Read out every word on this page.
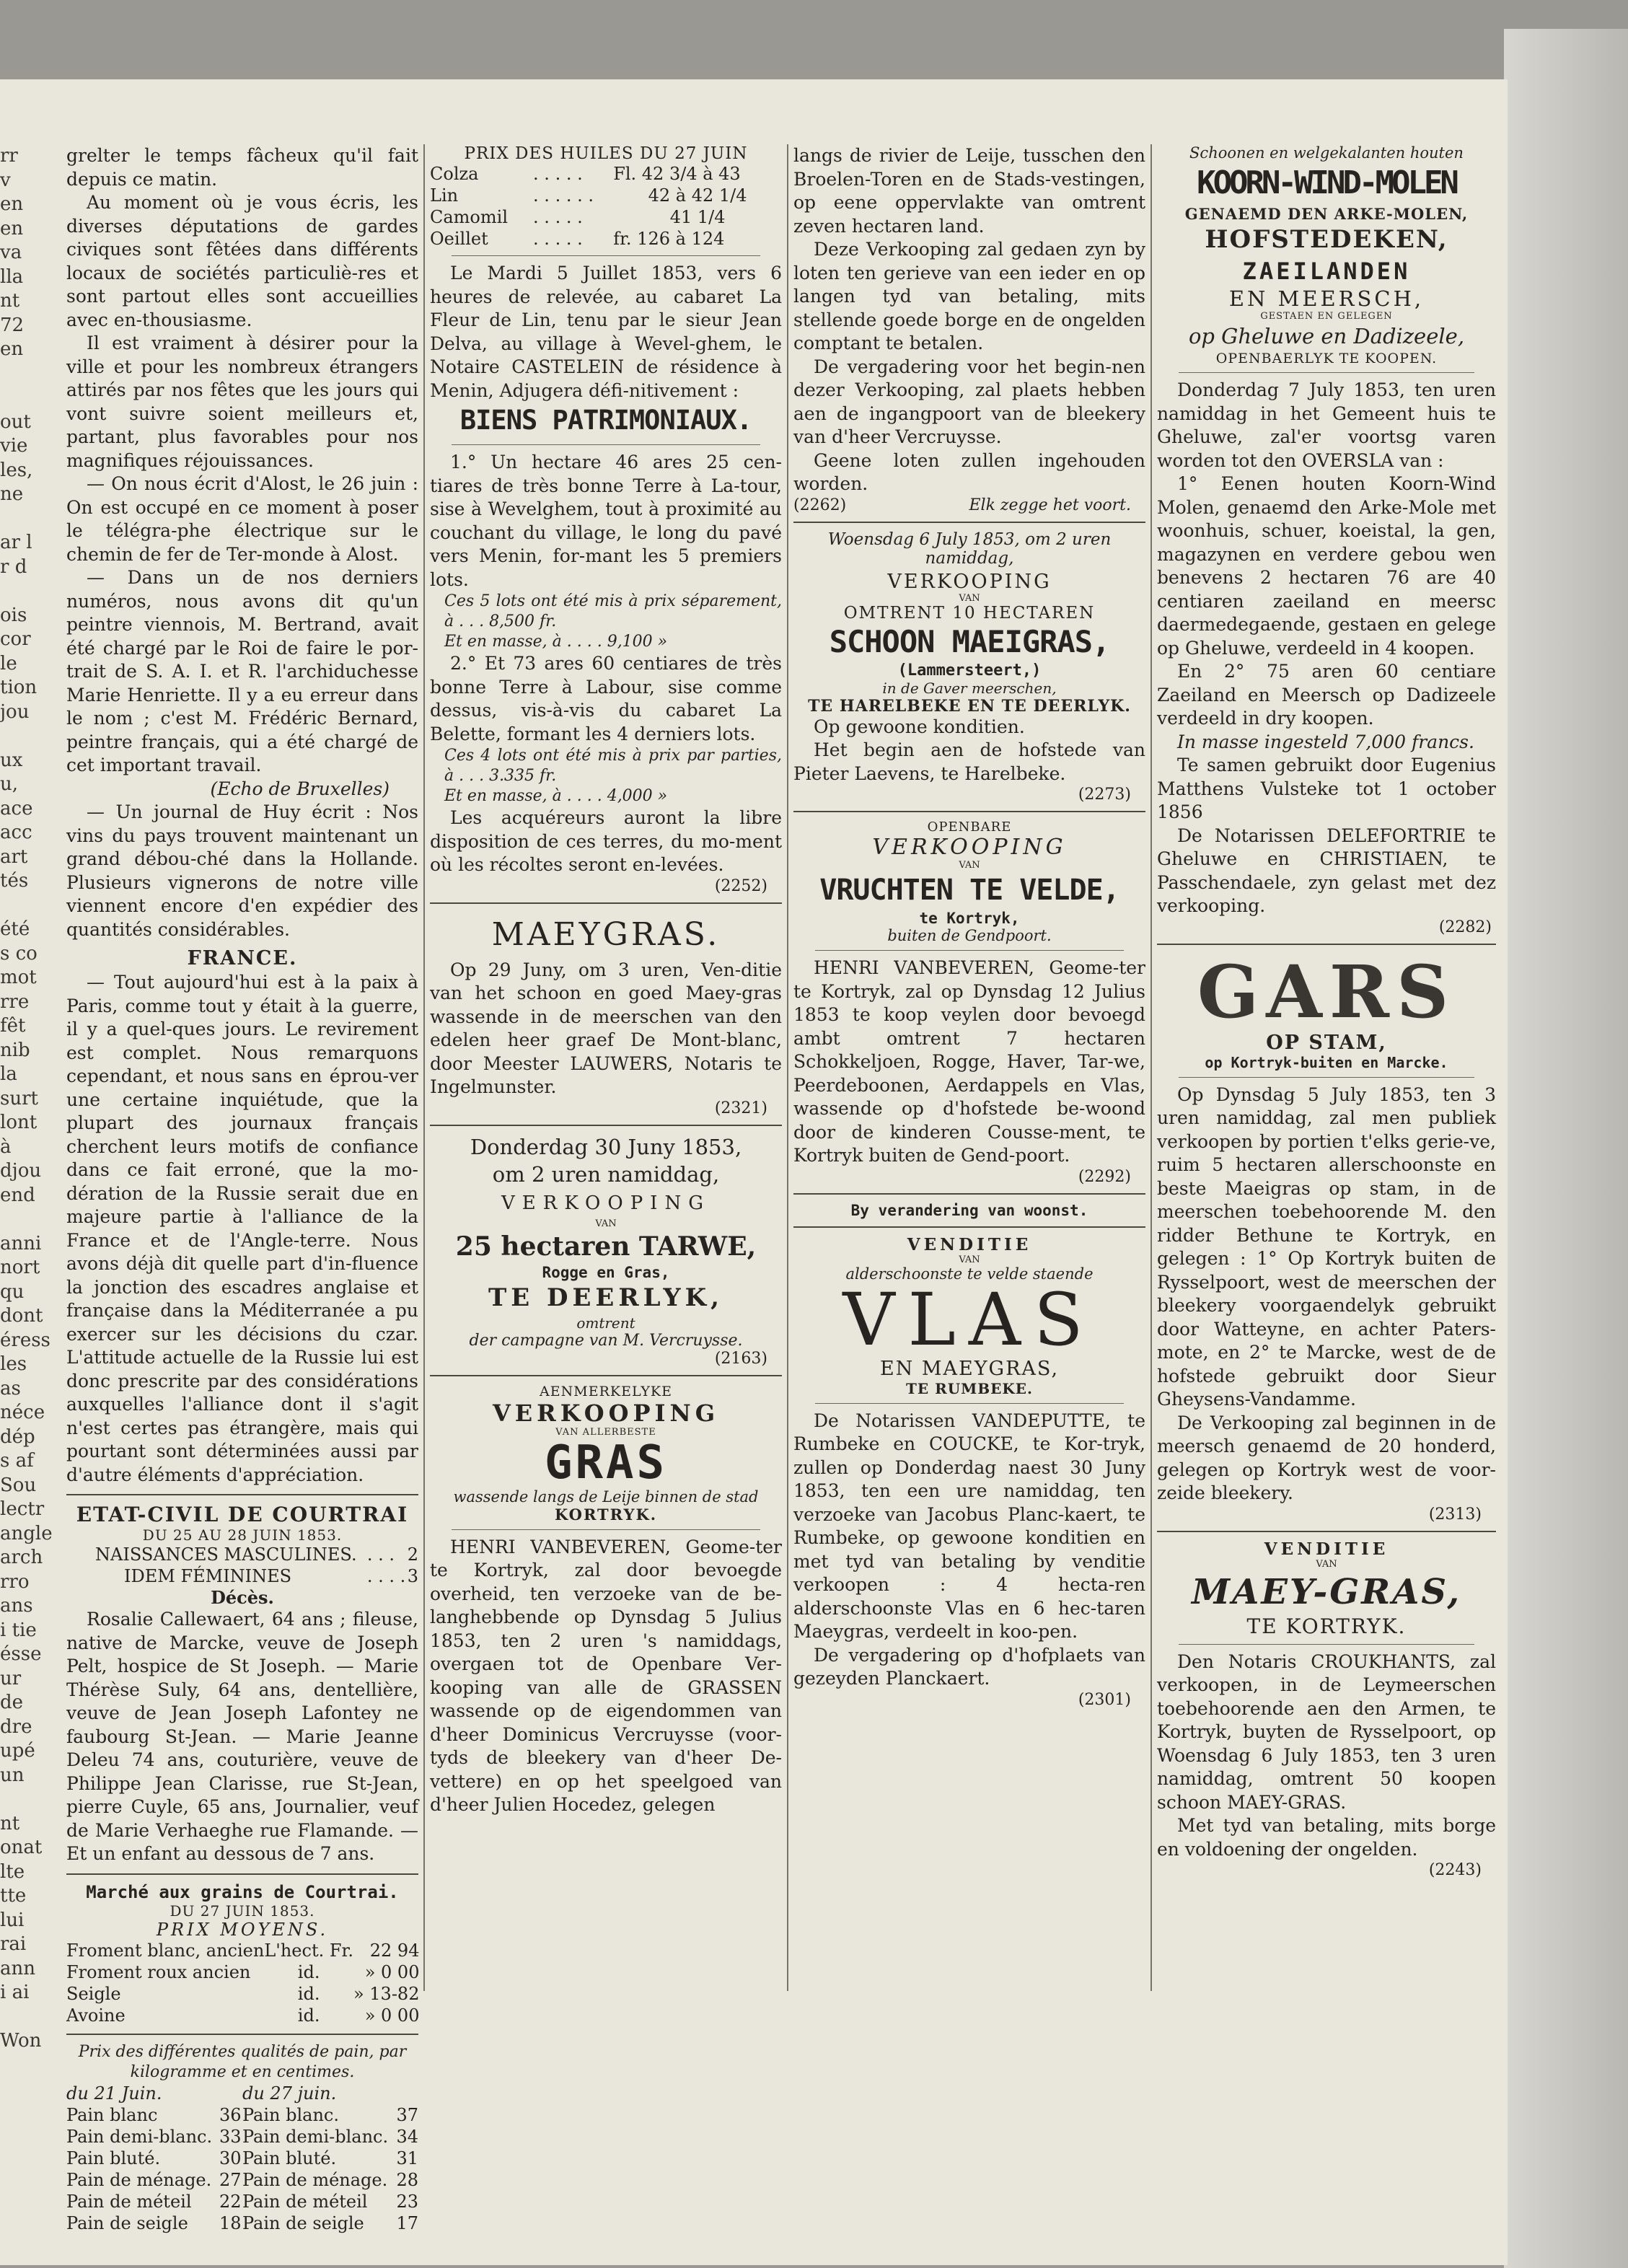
rr
v
en
en
va
lla
nt
72
en

out
vie
les,
ne

ar l
r d

ois
cor
le
tion
jou

ux
u,
ace
acc
art
tés

été
s co
mot
rre
fêt
nib
la
surt
lont
à
djou
end

anni
nort
qu
dont
éress
les
as
néce
dép
s af
Sou
lectr
angle
arch
rro
ans
i tie
ésse
ur
de
dre
upé
un

nt
onat
lte
tte
lui
rai
ann
i ai

Won

grelter le temps fâcheux qu'il fait depuis ce matin.

Au moment où je vous écris, les diverses députations de gardes civiques sont fêtées dans différents locaux de sociétés particuliè-res et sont partout elles sont accueillies avec en-thousiasme.

Il est vraiment à désirer pour la ville et pour les nombreux étrangers attirés par nos fêtes que les jours qui vont suivre soient meilleurs et, partant, plus favorables pour nos magnifiques réjouissances.

— On nous écrit d'Alost, le 26 juin : On est occupé en ce moment à poser le télégra-phe électrique sur le chemin de fer de Ter-monde à Alost.

— Dans un de nos derniers numéros, nous avons dit qu'un peintre viennois, M. Bertrand, avait été chargé par le Roi de faire le por-trait de S. A. I. et R. l'archiduchesse Marie Henriette. Il y a eu erreur dans le nom ; c'est M. Frédéric Bernard, peintre français, qui a été chargé de cet important travail.

(Echo de Bruxelles)

— Un journal de Huy écrit : Nos vins du pays trouvent maintenant un grand débou-ché dans la Hollande. Plusieurs vignerons de notre ville viennent encore d'en expédier des quantités considérables.

FRANCE.

— Tout aujourd'hui est à la paix à Paris, comme tout y était à la guerre, il y a quel-ques jours. Le revirement est complet. Nous remarquons cependant, et nous sans en éprou-ver une certaine inquiétude, que la plupart des journaux français cherchent leurs motifs de confiance dans ce fait erroné, que la mo-dération de la Russie serait due en majeure partie à l'alliance de la France et de l'Angle-terre. Nous avons déjà dit quelle part d'in-fluence la jonction des escadres anglaise et française dans la Méditerranée a pu exercer sur les décisions du czar. L'attitude actuelle de la Russie lui est donc prescrite par des considérations auxquelles l'alliance dont il s'agit n'est certes pas étrangère, mais qui pourtant sont déterminées aussi par d'autre éléments d'appréciation.

ETAT-CIVIL DE COURTRAI
DU 25 AU 28 JUIN 1853.
NAISSANCES MASCULINES.	. . .	2
IDEM FÉMININES	. . . .	3
Décès.

Rosalie Callewaert, 64 ans ; fileuse, native de Marcke, veuve de Joseph Pelt, hospice de St Joseph. — Marie Thérèse Suly, 64 ans, dentellière, veuve de Jean Joseph Lafontey ne faubourg St-Jean. — Marie Jeanne Deleu 74 ans, couturière, veuve de Philippe Jean Clarisse, rue St-Jean, pierre Cuyle, 65 ans, Journalier, veuf de Marie Verhaeghe rue Flamande. — Et un enfant au dessous de 7 ans.

Marché aux grains de Courtrai.
DU 27 JUIN 1853.
PRIX MOYENS.
Froment blanc, ancien	L'hect. Fr.	22 94
Froment roux ancien	id.	» 0 00
Seigle	id.	» 13-82
Avoine	id.	» 0 00
Prix des différentes qualités de pain, par kilogramme et en centimes.
du 21 Juin.		du 27 juin.	
Pain blanc	36	Pain blanc.	37
Pain demi-blanc.	33	Pain demi-blanc.	34
Pain bluté.	30	Pain bluté.	31
Pain de ménage.	27	Pain de ménage.	28
Pain de méteil	22	Pain de méteil	23
Pain de seigle	18	Pain de seigle	17
PRIX DES HUILES DU 27 JUIN
Colza	. . . . .	Fl. 42 3/4 à 43
Lin	. . . . . .	42 à 42 1/4
Camomil	. . . . .	41 1/4
Oeillet	. . . . .	fr. 126 à 124

Le Mardi 5 Juillet 1853, vers 6 heures de relevée, au cabaret La Fleur de Lin, tenu par le sieur Jean Delva, au village à Wevel-ghem, le Notaire CASTELEIN de résidence à Menin, Adjugera défi-nitivement :

BIENS PATRIMONIAUX.

1.° Un hectare 46 ares 25 cen-tiares de très bonne Terre à La-tour, sise à Wevelghem, tout à proximité au couchant du village, le long du pavé vers Menin, for-mant les 5 premiers lots.

Ces 5 lots ont été mis à prix séparement, à . . . 8,500 fr.

Et en masse, à . . . . 9,100 »

2.° Et 73 ares 60 centiares de très bonne Terre à Labour, sise comme dessus, vis-à-vis du cabaret La Belette, formant les 4 derniers lots.

Ces 4 lots ont été mis à prix par parties, à . . . 3.335 fr.

Et en masse, à . . . . 4,000 »

Les acquéreurs auront la libre disposition de ces terres, du mo-ment où les récoltes seront en-levées.

(2252)
MAEYGRAS.

Op 29 Juny, om 3 uren, Ven-ditie van het schoon en goed Maey-gras wassende in de meerschen van den edelen heer graef De Mont-blanc, door Meester LAUWERS, Notaris te Ingelmunster.

(2321)
Donderdag 30 Juny 1853,
om 2 uren namiddag,
VERKOOPING
VAN
25 hectaren TARWE,
Rogge en Gras,
TE DEERLYK,
omtrent
der campagne van M. Vercruysse.
(2163)
AENMERKELYKE
VERKOOPING
VAN ALLERBESTE
GRAS
wassende langs de Leije binnen de stad
KORTRYK.

HENRI VANBEVEREN, Geome-ter te Kortryk, zal door bevoegde overheid, ten verzoeke van de be-langhebbende op Dynsdag 5 Julius 1853, ten 2 uren 's namiddags, overgaen tot de Openbare Ver-kooping van alle de GRASSEN wassende op de eigendommen van d'heer Dominicus Vercruysse (voor-tyds de bleekery van d'heer De-vettere) en op het speelgoed van d'heer Julien Hocedez, gelegen

langs de rivier de Leije, tusschen den Broelen-Toren en de Stads-vestingen, op eene oppervlakte van omtrent zeven hectaren land.

Deze Verkooping zal gedaen zyn by loten ten gerieve van een ieder en op langen tyd van betaling, mits stellende goede borge en de ongelden comptant te betalen.

De vergadering voor het begin-nen dezer Verkooping, zal plaets hebben aen de ingangpoort van de bleekery van d'heer Vercruysse.

Geene loten zullen ingehouden worden.

(2262)	Elk zegge het voort.
Woensdag 6 July 1853, om 2 uren namiddag,
VERKOOPING
VAN
OMTRENT 10 HECTAREN
SCHOON MAEIGRAS,
(Lammersteert,)
in de Gaver meerschen,
TE HARELBEKE EN TE DEERLYK.

Op gewoone konditien.

Het begin aen de hofstede van Pieter Laevens, te Harelbeke.

(2273)
OPENBARE
VERKOOPING
VAN
VRUCHTEN TE VELDE,
te Kortryk,
buiten de Gendpoort.

HENRI VANBEVEREN, Geome-ter te Kortryk, zal op Dynsdag 12 Julius 1853 te koop veylen door bevoegd ambt omtrent 7 hectaren Schokkeljoen, Rogge, Haver, Tar-we, Peerdeboonen, Aerdappels en Vlas, wassende op d'hofstede be-woond door de kinderen Cousse-ment, te Kortryk buiten de Gend-poort.

(2292)
By verandering van woonst.
VENDITIE
VAN
alderschoonste te velde staende
VLAS
EN MAEYGRAS,
TE RUMBEKE.

De Notarissen VANDEPUTTE, te Rumbeke en COUCKE, te Kor-tryk, zullen op Donderdag naest 30 Juny 1853, ten een ure namiddag, ten verzoeke van Jacobus Planc-kaert, te Rumbeke, op gewoone konditien en met tyd van betaling by venditie verkoopen : 4 hecta-ren alderschoonste Vlas en 6 hec-taren Maeygras, verdeelt in koo-pen.

De vergadering op d'hofplaets van gezeyden Planckaert.

(2301)
Schoonen en welgekalanten houten
KOORN-WIND-MOLEN
GENAEMD DEN ARKE-MOLEN,
HOFSTEDEKEN,
ZAEILANDEN
EN MEERSCH,
GESTAEN EN GELEGEN
op Gheluwe en Dadizeele,
OPENBAERLYK TE KOOPEN.

Donderdag 7 July 1853, ten uren namiddag in het Gemeent huis te Gheluwe, zal'er voortsg varen worden tot den OVERSLA van :

1° Eenen houten Koorn-Wind Molen, genaemd den Arke-Mole met woonhuis, schuer, koeistal, la gen, magazynen en verdere gebou wen benevens 2 hectaren 76 are 40 centiaren zaeiland en meersc daermedegaende, gestaen en gelege op Gheluwe, verdeeld in 4 koopen.

En 2° 75 aren 60 centiare Zaeiland en Meersch op Dadizeele verdeeld in dry koopen.

In masse ingesteld 7,000 francs.

Te samen gebruikt door Eugenius Matthens Vulsteke tot 1 october 1856

De Notarissen DELEFORTRIE te Gheluwe en CHRISTIAEN, te Passchendaele, zyn gelast met dez verkooping.

(2282)
GARS
OP STAM,
op Kortryk-buiten en Marcke.

Op Dynsdag 5 July 1853, ten 3 uren namiddag, zal men publiek verkoopen by portien t'elks gerie-ve, ruim 5 hectaren allerschoonste en beste Maeigras op stam, in de meerschen toebehoorende M. den ridder Bethune te Kortryk, en gelegen : 1° Op Kortryk buiten de Rysselpoort, west de meerschen der bleekery voorgaendelyk gebruikt door Watteyne, en achter Paters-mote, en 2° te Marcke, west de de hofstede gebruikt door Sieur Gheysens-Vandamme.

De Verkooping zal beginnen in de meersch genaemd de 20 honderd, gelegen op Kortryk west de voor-zeide bleekery.

(2313)
VENDITIE
VAN
MAEY-GRAS,
TE KORTRYK.

Den Notaris CROUKHANTS, zal verkoopen, in de Leymeerschen toebehoorende aen den Armen, te Kortryk, buyten de Rysselpoort, op Woensdag 6 July 1853, ten 3 uren namiddag, omtrent 50 koopen schoon MAEY-GRAS.

Met tyd van betaling, mits borge en voldoening der ongelden.

(2243)
